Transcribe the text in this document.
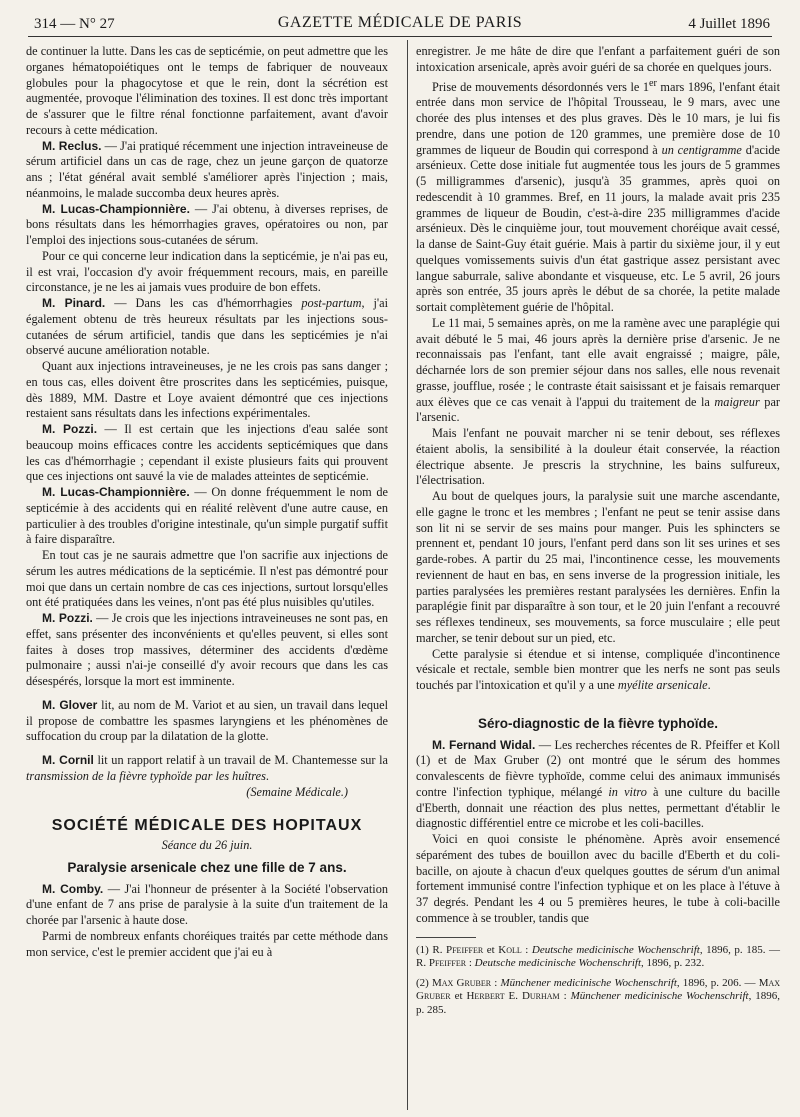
314 — N° 27	GAZETTE MÉDICALE DE PARIS	4 Juillet 1896

de continuer la lutte. Dans les cas de septicémie, on peut admettre que les organes hématopoiétiques ont le temps de fabriquer de nouveaux globules pour la phagocytose et que le rein, dont la sécrétion est augmentée, provoque l'élimination des toxines. Il est donc très important de s'assurer que le filtre rénal fonctionne parfaitement, avant d'avoir recours à cette médication.

M. Reclus. — J'ai pratiqué récemment une injection intraveineuse de sérum artificiel dans un cas de rage, chez un jeune garçon de quatorze ans ; l'état général avait semblé s'améliorer après l'injection ; mais, néanmoins, le malade succomba deux heures après.

M. Lucas-Championnière. — J'ai obtenu, à diverses reprises, de bons résultats dans les hémorrhagies graves, opératoires ou non, par l'emploi des injections sous-cutanées de sérum.

Pour ce qui concerne leur indication dans la septicémie, je n'ai pas eu, il est vrai, l'occasion d'y avoir fréquemment recours, mais, en pareille circonstance, je ne les ai jamais vues produire de bon effets.

M. Pinard. — Dans les cas d'hémorrhagies post-partum, j'ai également obtenu de très heureux résultats par les injections sous-cutanées de sérum artificiel, tandis que dans les septicémies je n'ai observé aucune amélioration notable.

Quant aux injections intraveineuses, je ne les crois pas sans danger ; en tous cas, elles doivent être proscrites dans les septicémies, puisque, dès 1889, MM. Dastre et Loye avaient démontré que ces injections restaient sans résultats dans les infections expérimentales.

M. Pozzi. — Il est certain que les injections d'eau salée sont beaucoup moins efficaces contre les accidents septicémiques que dans les cas d'hémorrhagie ; cependant il existe plusieurs faits qui prouvent que ces injections ont sauvé la vie de malades atteintes de septicémie.

M. Lucas-Championnière. — On donne fréquemment le nom de septicémie à des accidents qui en réalité relèvent d'une autre cause, en particulier à des troubles d'origine intestinale, qu'un simple purgatif suffit à faire disparaître.

En tout cas je ne saurais admettre que l'on sacrifie aux injections de sérum les autres médications de la septicémie. Il n'est pas démontré pour moi que dans un certain nombre de cas ces injections, surtout lorsqu'elles ont été pratiquées dans les veines, n'ont pas été plus nuisibles qu'utiles.

M. Pozzi. — Je crois que les injections intraveineuses ne sont pas, en effet, sans présenter des inconvénients et qu'elles peuvent, si elles sont faites à doses trop massives, déterminer des accidents d'œdème pulmonaire ; aussi n'ai-je conseillé d'y avoir recours que dans les cas désespérés, lorsque la mort est imminente.

M. Glover lit, au nom de M. Variot et au sien, un travail dans lequel il propose de combattre les spasmes laryngiens et les phénomènes de suffocation du croup par la dilatation de la glotte.

M. Cornil lit un rapport relatif à un travail de M. Chantemesse sur la transmission de la fièvre typhoïde par les huîtres.

(Semaine Médicale.)
SOCIÉTÉ MÉDICALE DES HOPITAUX
Séance du 26 juin.
Paralysie arsenicale chez une fille de 7 ans.

M. Comby. — J'ai l'honneur de présenter à la Société l'observation d'une enfant de 7 ans prise de paralysie à la suite d'un traitement de la chorée par l'arsenic à haute dose.

Parmi de nombreux enfants choréiques traités par cette méthode dans mon service, c'est le premier accident que j'ai eu à

enregistrer. Je me hâte de dire que l'enfant a parfaitement guéri de son intoxication arsenicale, après avoir guéri de sa chorée en quelques jours.

Prise de mouvements désordonnés vers le 1er mars 1896, l'enfant était entrée dans mon service de l'hôpital Trousseau, le 9 mars, avec une chorée des plus intenses et des plus graves. Dès le 10 mars, je lui fis prendre, dans une potion de 120 grammes, une première dose de 10 grammes de liqueur de Boudin qui correspond à un centigramme d'acide arsénieux. Cette dose initiale fut augmentée tous les jours de 5 grammes (5 milligrammes d'arsenic), jusqu'à 35 grammes, après quoi on redescendit à 10 grammes. Bref, en 11 jours, la malade avait pris 235 grammes de liqueur de Boudin, c'est-à-dire 235 milligrammes d'acide arsénieux. Dès le cinquième jour, tout mouvement choréique avait cessé, la danse de Saint-Guy était guérie. Mais à partir du sixième jour, il y eut quelques vomissements suivis d'un état gastrique assez persistant avec langue saburrale, salive abondante et visqueuse, etc. Le 5 avril, 26 jours après son entrée, 35 jours après le début de sa chorée, la petite malade sortait complètement guérie de l'hôpital.

Le 11 mai, 5 semaines après, on me la ramène avec une paraplégie qui avait débuté le 5 mai, 46 jours après la dernière prise d'arsenic. Je ne reconnaissais pas l'enfant, tant elle avait engraissé ; maigre, pâle, décharnée lors de son premier séjour dans nos salles, elle nous revenait grasse, joufflue, rosée ; le contraste était saisissant et je faisais remarquer aux élèves que ce cas venait à l'appui du traitement de la maigreur par l'arsenic.

Mais l'enfant ne pouvait marcher ni se tenir debout, ses réflexes étaient abolis, la sensibilité à la douleur était conservée, la réaction électrique absente. Je prescris la strychnine, les bains sulfureux, l'électrisation.

Au bout de quelques jours, la paralysie suit une marche ascendante, elle gagne le tronc et les membres ; l'enfant ne peut se tenir assise dans son lit ni se servir de ses mains pour manger. Puis les sphincters se prennent et, pendant 10 jours, l'enfant perd dans son lit ses urines et ses garde-robes. A partir du 25 mai, l'incontinence cesse, les mouvements reviennent de haut en bas, en sens inverse de la progression initiale, les parties paralysées les premières restant paralysées les dernières. Enfin la paraplégie finit par disparaître à son tour, et le 20 juin l'enfant a recouvré ses réflexes tendineux, ses mouvements, sa force musculaire ; elle peut marcher, se tenir debout sur un pied, etc.

Cette paralysie si étendue et si intense, compliquée d'incontinence vésicale et rectale, semble bien montrer que les nerfs ne sont pas seuls touchés par l'intoxication et qu'il y a une myélite arsenicale.

Séro-diagnostic de la fièvre typhoïde.

M. Fernand Widal. — Les recherches récentes de R. Pfeiffer et Koll (1) et de Max Gruber (2) ont montré que le sérum des hommes convalescents de fièvre typhoïde, comme celui des animaux immunisés contre l'infection typhique, mélangé in vitro à une culture du bacille d'Eberth, donnait une réaction des plus nettes, permettant d'établir le diagnostic différentiel entre ce microbe et les coli-bacilles.

Voici en quoi consiste le phénomène. Après avoir ensemencé séparément des tubes de bouillon avec du bacille d'Eberth et du coli-bacille, on ajoute à chacun d'eux quelques gouttes de sérum d'un animal fortement immunisé contre l'infection typhique et on les place à l'étuve à 37 degrés. Pendant les 4 ou 5 premières heures, le tube à coli-bacille commence à se troubler, tandis que

(1) R. Pfeiffer et Koll : Deutsche medicinische Wochenschrift, 1896, p. 185. — R. Pfeiffer : Deutsche medicinische Wochenschrift, 1896, p. 232.

(2) Max Gruber : Münchener medicinische Wochenschrift, 1896, p. 206. — Max Gruber et Herbert E. Durham : Münchener medicinische Wochenschrift, 1896, p. 285.
